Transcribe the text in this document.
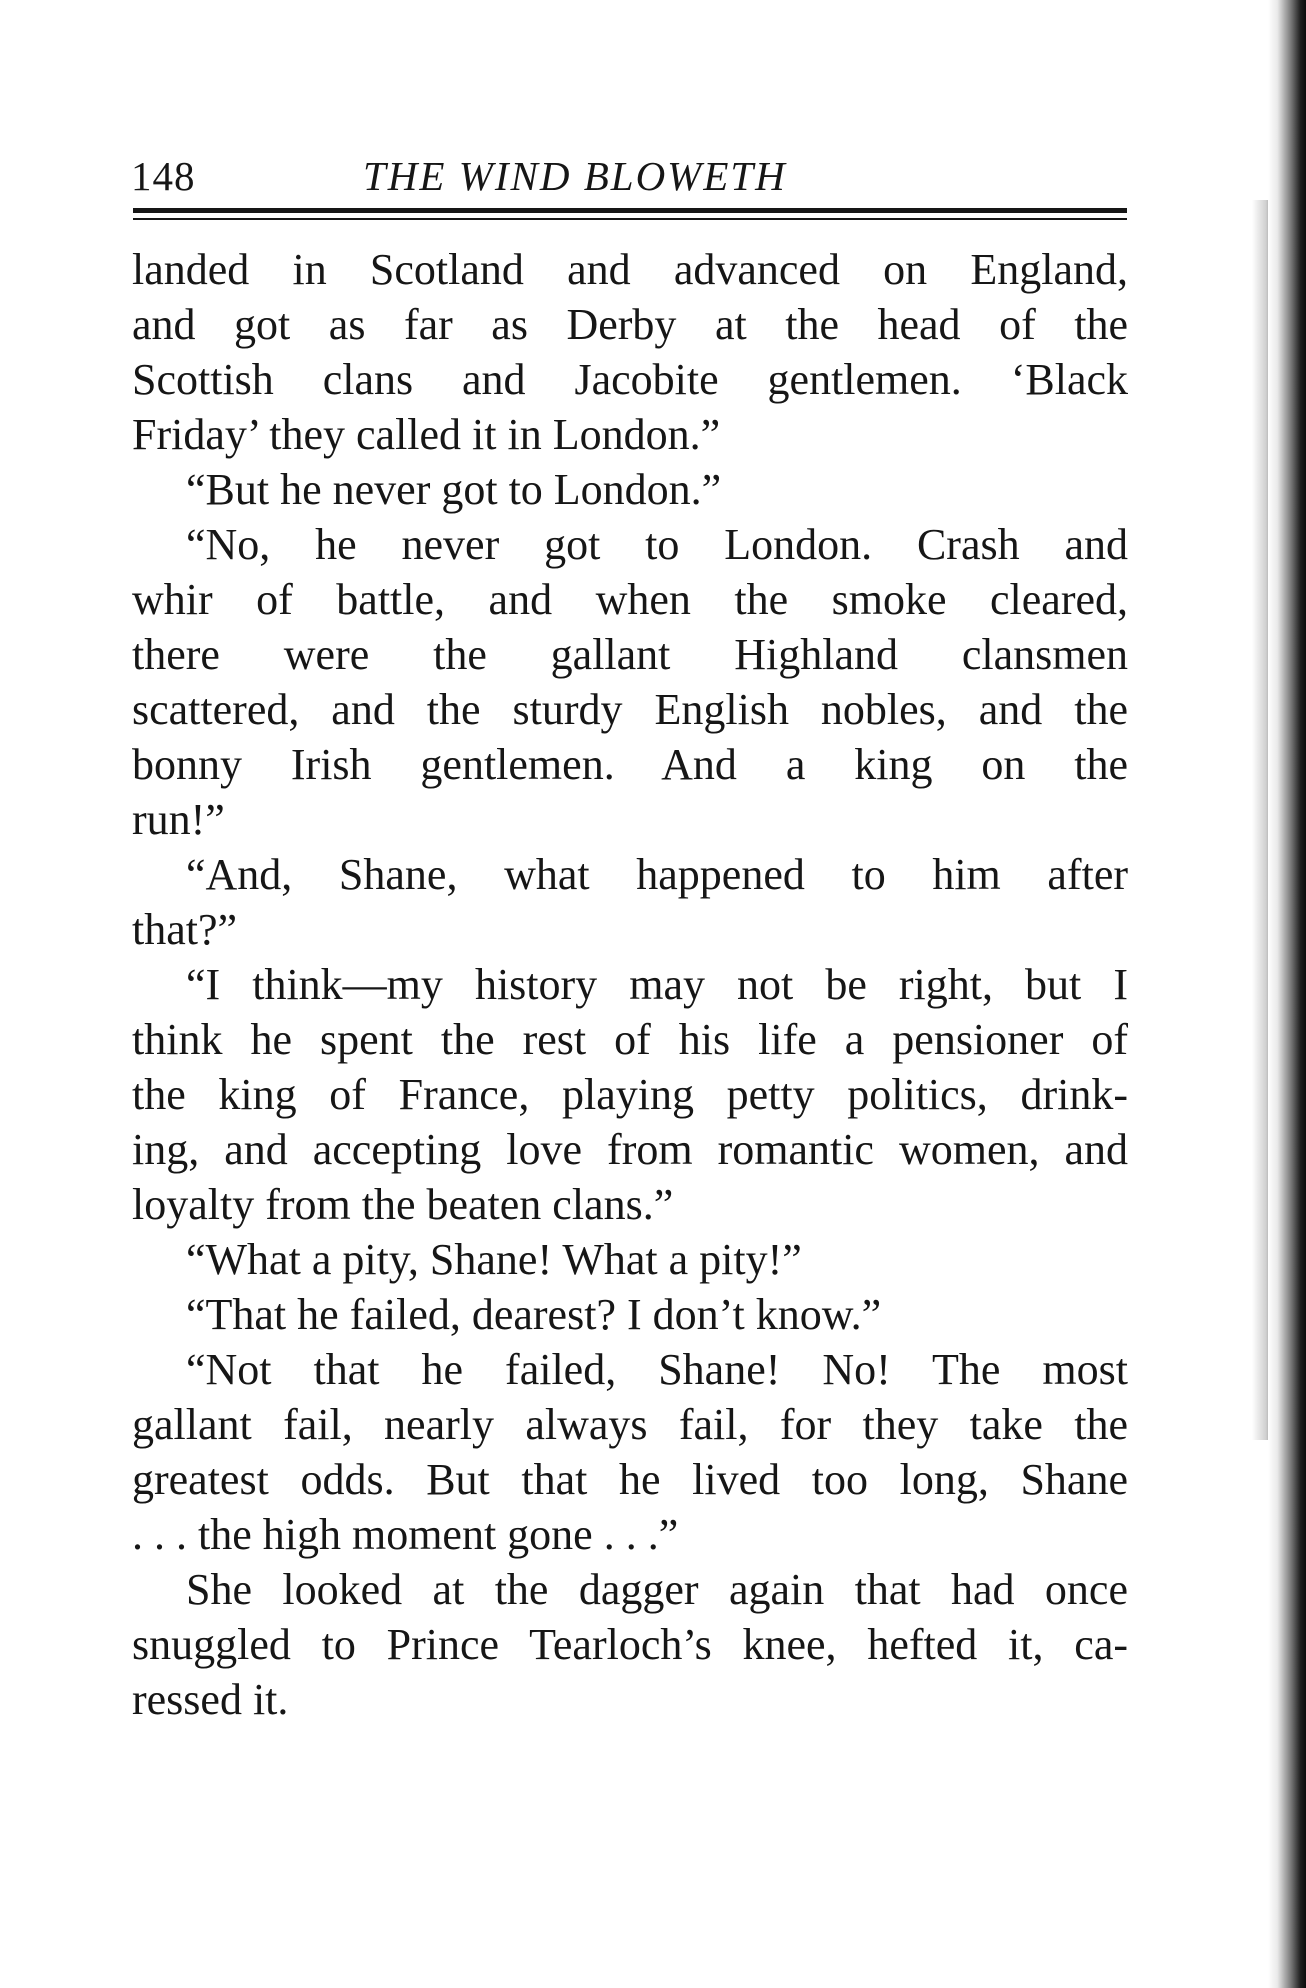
148	THE WIND BLOWETH
landed in Scotland and advanced on England,
and got as far as Derby at the head of the
Scottish clans and Jacobite gentlemen. ‘Black
Friday’ they called it in London.”
“But he never got to London.”
“No, he never got to London. Crash and
whir of battle, and when the smoke cleared,
there were the gallant Highland clansmen
scattered, and the sturdy English nobles, and the
bonny Irish gentlemen. And a king on the
run!”
“And, Shane, what happened to him after
that?”
“I think—my history may not be right, but I
think he spent the rest of his life a pensioner of
the king of France, playing petty politics, drink-
ing, and accepting love from romantic women, and
loyalty from the beaten clans.”
“What a pity, Shane! What a pity!”
“That he failed, dearest? I don’t know.”
“Not that he failed, Shane! No! The most
gallant fail, nearly always fail, for they take the
greatest odds. But that he lived too long, Shane
. . . the high moment gone . . .”
She looked at the dagger again that had once
snuggled to Prince Tearloch’s knee, hefted it, ca-
ressed it.
